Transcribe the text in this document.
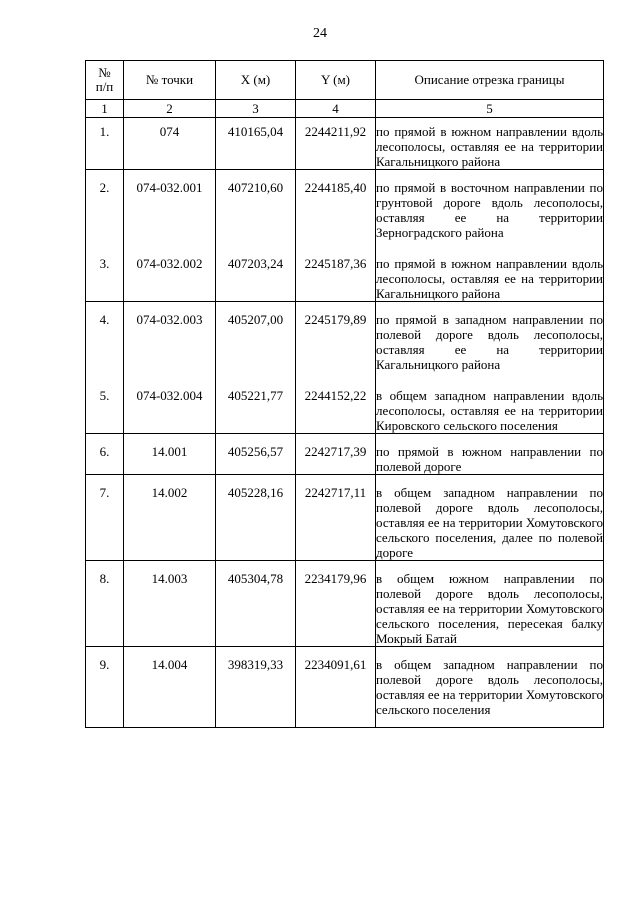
24
№
п/п	№ точки	X (м)	Y (м)	Описание отрезка границы
1	2	3	4	5
1.	074	410165,04	2244211,92	по прямой в южном направлении вдоль лесополосы, оставляя ее на территории Кагальницкого района
2.	074-032.001	407210,60	2244185,40	по прямой в восточном направлении по грунтовой дороге вдоль лесополосы, оставляя ее на территории Зерноградского района
3.	074-032.002	407203,24	2245187,36	по прямой в южном направлении вдоль лесополосы, оставляя ее на территории Кагальницкого района
4.	074-032.003	405207,00	2245179,89	по прямой в западном направлении по полевой дороге вдоль лесополосы, оставляя ее на территории Кагальницкого района
5.	074-032.004	405221,77	2244152,22	в общем западном направлении вдоль лесополосы, оставляя ее на территории Кировского сельского поселения
6.	14.001	405256,57	2242717,39	по прямой в южном направлении по полевой дороге
7.	14.002	405228,16	2242717,11	в общем западном направлении по полевой дороге вдоль лесополосы, оставляя ее на территории Хомутовского сельского поселения, далее по полевой дороге
8.	14.003	405304,78	2234179,96	в общем южном направлении по полевой дороге вдоль лесополосы, оставляя ее на территории Хомутовского сельского поселения, пересекая балку Мокрый Батай
9.	14.004	398319,33	2234091,61	в общем западном направлении по полевой дороге вдоль лесополосы, оставляя ее на территории Хомутовского сельского поселения
